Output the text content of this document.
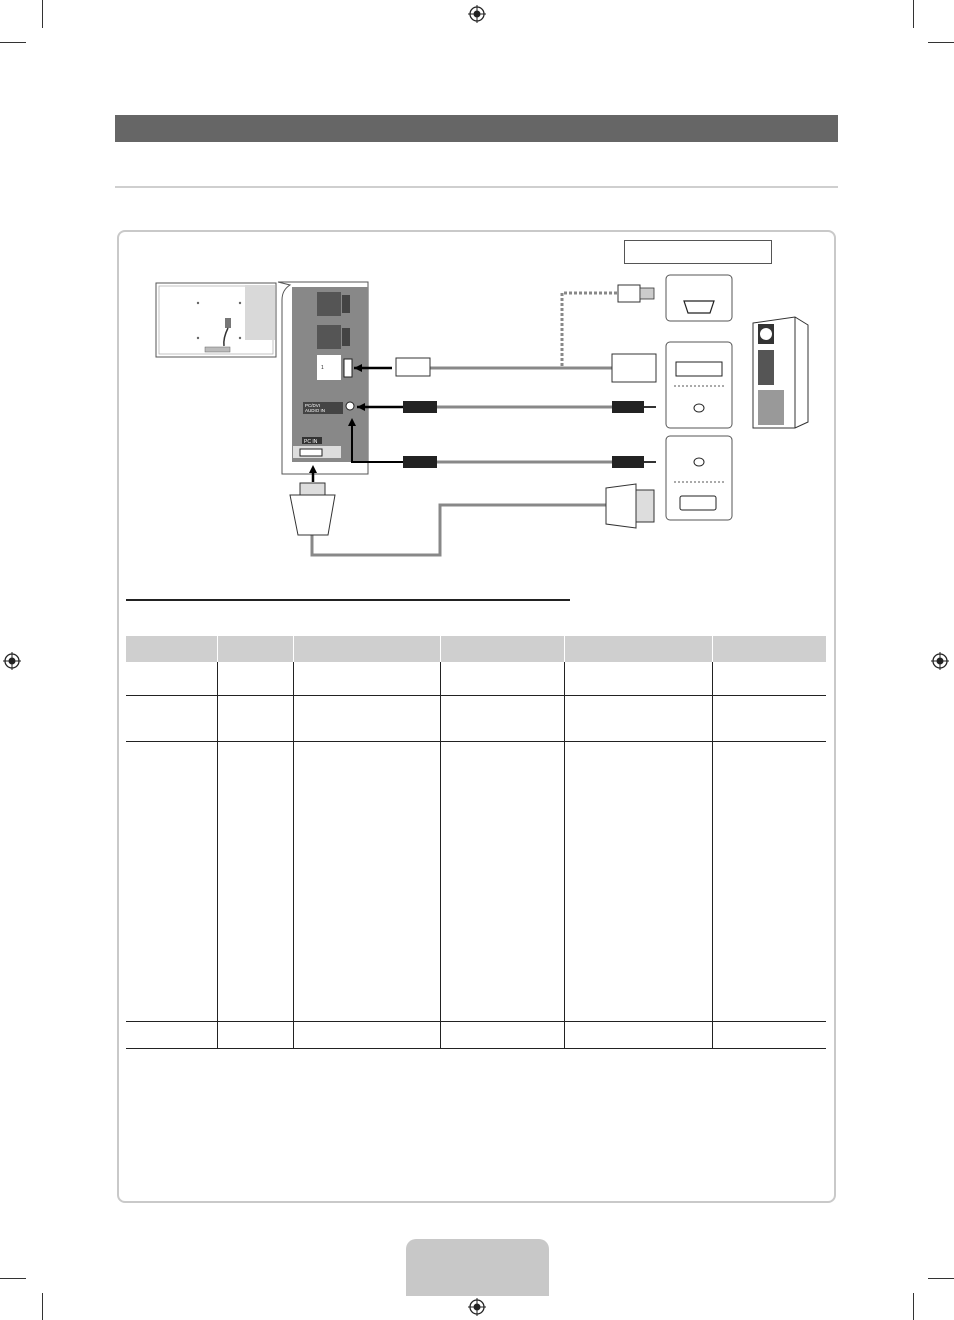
1
PC/DVI
AUDIO IN
PC IN
